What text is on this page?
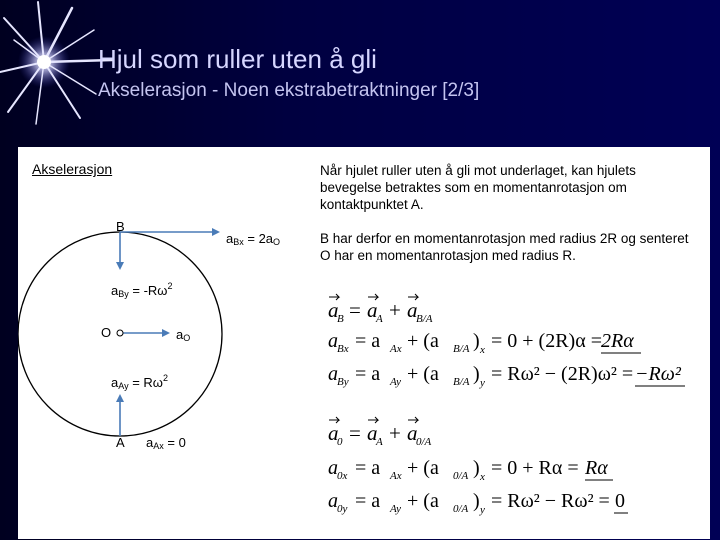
Hjul som ruller uten å gli
Akselerasjon - Noen ekstrabetraktninger [2/3]
Akselerasjon	Når hjulet ruller uten å gli mot underlaget, kan hjulets bevegelse betraktes som en momentanrotasjon om kontaktpunktet A.
B har derfor en momentanrotasjon med radius 2R og senteret O har en momentanrotasjon med radius R.
B
O
A
$a_{Bx} = 2a_O$
$a_{By} = -R\omega^2$
$a_O$
$a_{Ay} = R\omega^2$
$a_{Ax} = 0$
a
B = a
A + a
B/A
a Bx = a Ax + (a B/A ) x = 0 + (2R)α = 2Rα
a By = a Ay + (a B/A ) y = Rω² − (2R)ω² = −Rω²
a
0 = a
A + a
0/A
a 0x = a Ax + (a 0/A ) x = 0 + Rα = Rα
a 0y = a Ay + (a 0/A ) y = Rω² − Rω² = 0
